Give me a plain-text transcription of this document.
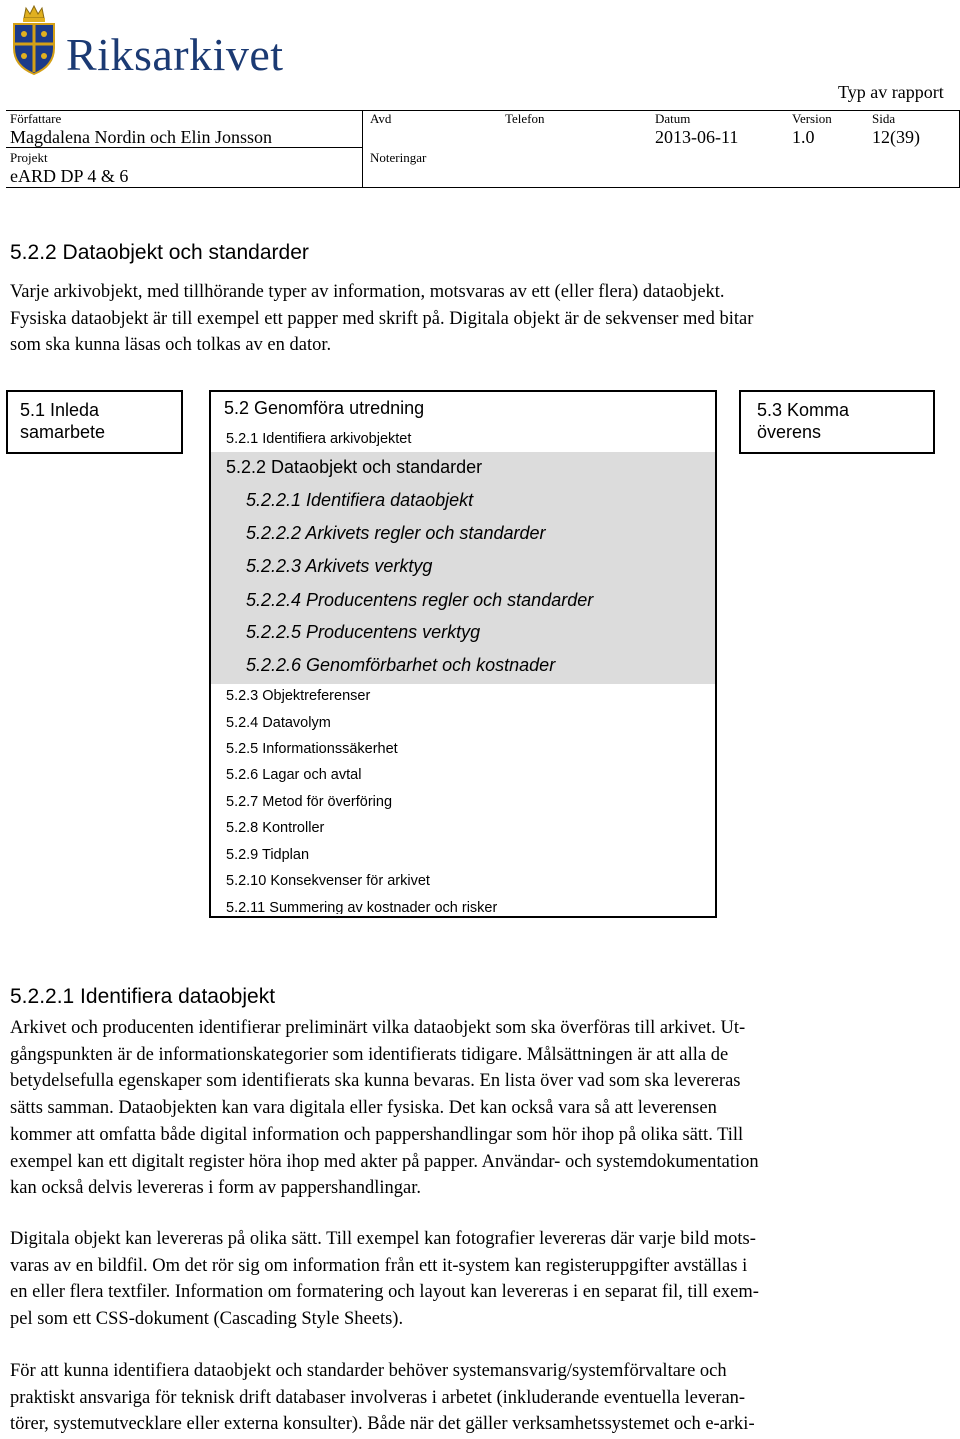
Riksarkivet
Typ av rapport
Författare
Magdalena Nordin och Elin Jonsson
Avd	Telefon	Datum
2013-06-11
Version
1.0
Sida
12(39)
Projekt
eARD DP 4 & 6
Noteringar
5.2.2 Dataobjekt och standarder
Varje arkivobjekt, med tillhörande typer av information, motsvaras av ett (eller flera) dataobjekt.
Fysiska dataobjekt är till exempel ett papper med skrift på. Digitala objekt är de sekvenser med bitar
som ska kunna läsas och tolkas av en dator.
5.1 Inleda
samarbete
5.3 Komma
överens
5.2 Genomföra utredning
5.2.1 Identifiera arkivobjektet
5.2.2 Dataobjekt och standarder
5.2.2.1 Identifiera dataobjekt
5.2.2.2 Arkivets regler och standarder
5.2.2.3 Arkivets verktyg
5.2.2.4 Producentens regler och standarder
5.2.2.5 Producentens verktyg
5.2.2.6 Genomförbarhet och kostnader
5.2.3 Objektreferenser
5.2.4 Datavolym
5.2.5 Informationssäkerhet
5.2.6 Lagar och avtal
5.2.7 Metod för överföring
5.2.8 Kontroller
5.2.9 Tidplan
5.2.10 Konsekvenser för arkivet
5.2.11 Summering av kostnader och risker
5.2.2.1 Identifiera dataobjekt
Arkivet och producenten identifierar preliminärt vilka dataobjekt som ska överföras till arkivet. Ut-
gångspunkten är de informationskategorier som identifierats tidigare. Målsättningen är att alla de
betydelsefulla egenskaper som identifierats ska kunna bevaras. En lista över vad som ska levereras
sätts samman. Dataobjekten kan vara digitala eller fysiska. Det kan också vara så att leverensen
kommer att omfatta både digital information och pappershandlingar som hör ihop på olika sätt. Till
exempel kan ett digitalt register höra ihop med akter på papper. Användar- och systemdokumentation
kan också delvis levereras i form av pappershandlingar.
Digitala objekt kan levereras på olika sätt. Till exempel kan fotografier levereras där varje bild mots-
varas av en bildfil. Om det rör sig om information från ett it-system kan registeruppgifter avställas i
en eller flera textfiler. Information om formatering och layout kan levereras i en separat fil, till exem-
pel som ett CSS-dokument (Cascading Style Sheets).
För att kunna identifiera dataobjekt och standarder behöver systemansvarig/systemförvaltare och
praktiskt ansvariga för teknisk drift databaser involveras i arbetet (inkluderande eventuella leveran-
törer, systemutvecklare eller externa konsulter). Både när det gäller verksamhetssystemet och e-arki-
